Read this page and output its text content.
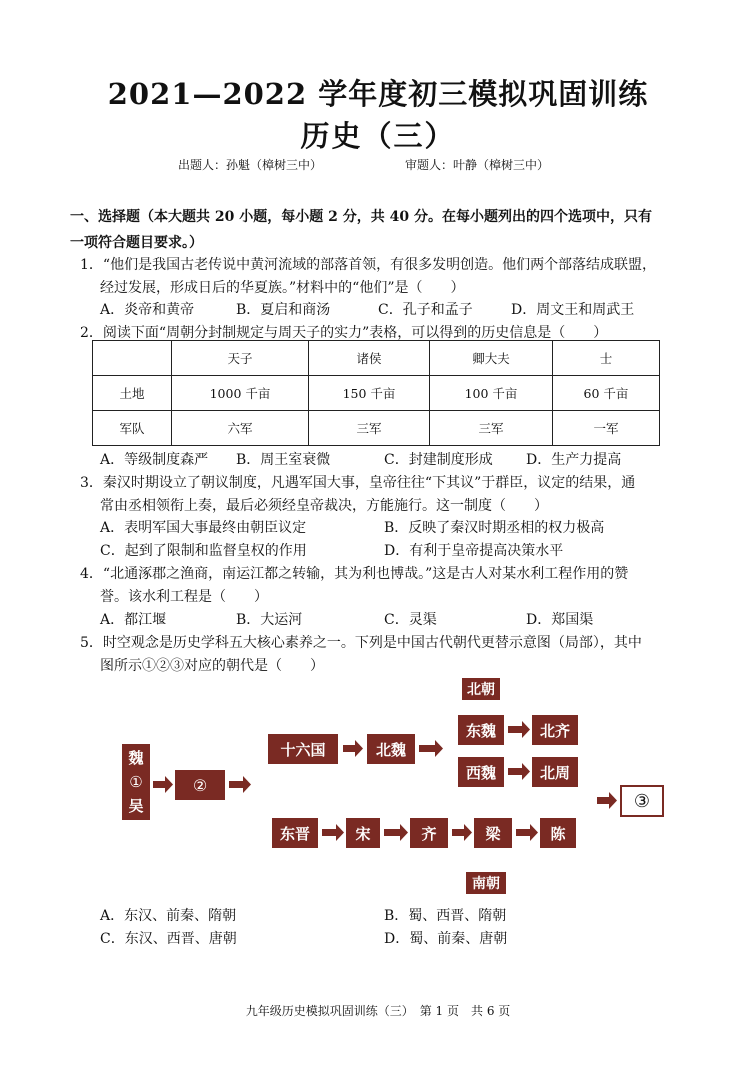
2021—2022 学年度初三模拟巩固训练
历史（三）
出题人：孙魁（樟树三中）	审题人：叶静（樟树三中）
一、选择题（本大题共 20 小题，每小题 2 分，共 40 分。在每小题列出的四个选项中，只有
一项符合题目要求。）
1．“他们是我国古老传说中黄河流域的部落首领，有很多发明创造。他们两个部落结成联盟，
经过发展，形成日后的华夏族。”材料中的“他们”是（　　）
A．炎帝和黄帝	B．夏启和商汤	C．孔子和孟子	D．周文王和周武王
2．阅读下面“周朝分封制规定与周天子的实力”表格，可以得到的历史信息是（　　）
	天子	诸侯	卿大夫	士
土地	1000 千亩	150 千亩	100 千亩	60 千亩
军队	六军	三军	三军	一军
A．等级制度森严 B．周王室衰微	C．封建制度形成 D．生产力提高
3．秦汉时期设立了朝议制度，凡遇军国大事，皇帝往往“下其议”于群臣，议定的结果，通
常由丞相领衔上奏，最后必须经皇帝裁决，方能施行。这一制度（　　）
A．表明军国大事最终由朝臣议定	B．反映了秦汉时期丞相的权力极高
C．起到了限制和监督皇权的作用	D．有利于皇帝提高决策水平
4．“北通涿郡之渔商，南运江都之转输，其为利也博哉。”这是古人对某水利工程作用的赞
誉。该水利工程是（　　）
A．都江堰	B．大运河	C．灵渠	D．郑国渠
5．时空观念是历史学科五大核心素养之一。下列是中国古代朝代更替示意图（局部），其中
图所示①②③对应的朝代是（　　）
北朝
魏
①
吴
②
十六国	北魏
东魏	北齐
西魏	北周
东晋	宋	齐	梁	陈
南朝
③
A．东汉、前秦、隋朝	B．蜀、西晋、隋朝
C．东汉、西晋、唐朝	D．蜀、前秦、唐朝
九年级历史模拟巩固训练（三）　第 1 页　共 6 页
